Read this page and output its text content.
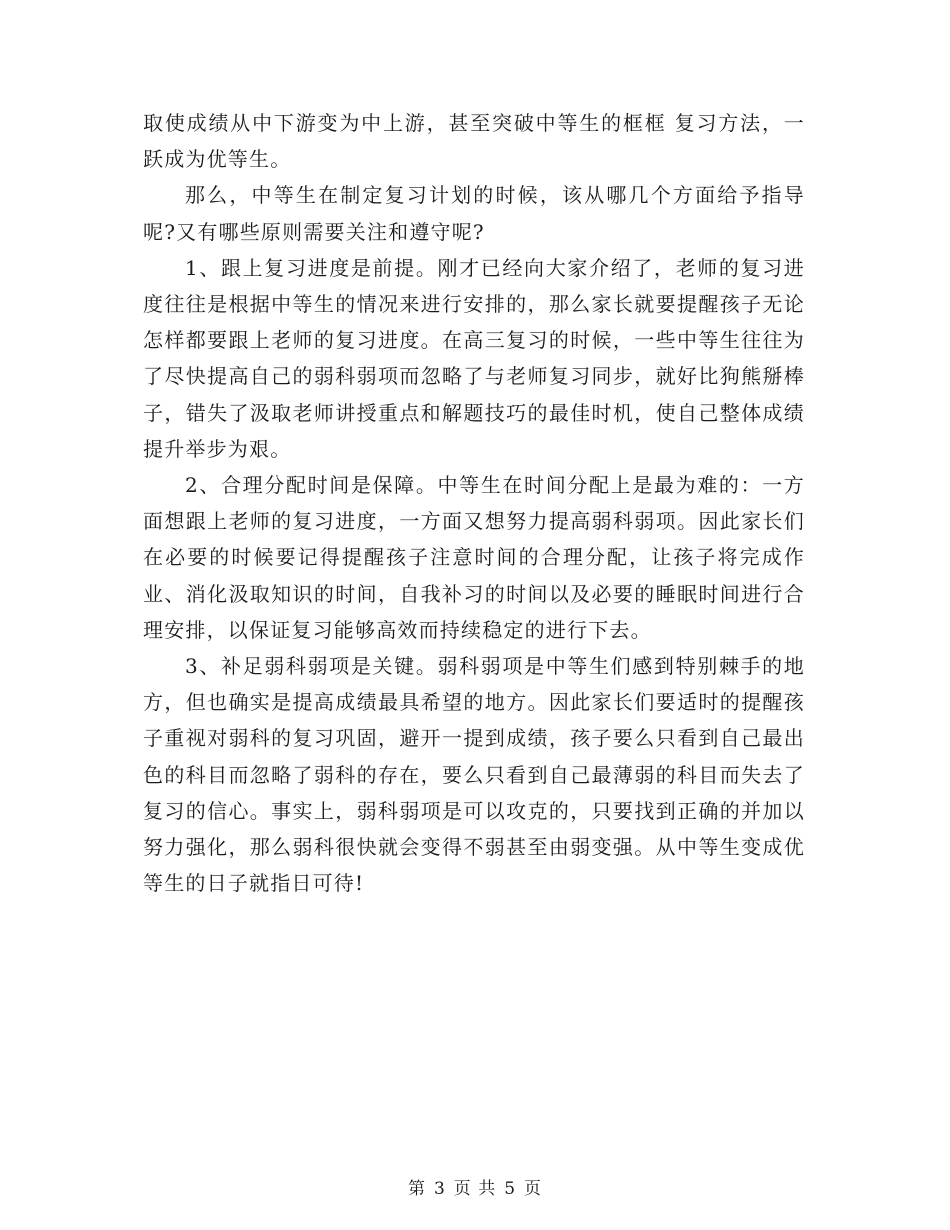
取使成绩从中下游变为中上游，甚至突破中等生的框框 复习方法，一跃成为优等生。

那么，中等生在制定复习计划的时候，该从哪几个方面给予指导呢?又有哪些原则需要关注和遵守呢?

1、跟上复习进度是前提。刚才已经向大家介绍了，老师的复习进度往往是根据中等生的情况来进行安排的，那么家长就要提醒孩子无论怎样都要跟上老师的复习进度。在高三复习的时候，一些中等生往往为了尽快提高自己的弱科弱项而忽略了与老师复习同步，就好比狗熊掰棒子，错失了汲取老师讲授重点和解题技巧的最佳时机，使自己整体成绩提升举步为艰。

2、合理分配时间是保障。中等生在时间分配上是最为难的：一方面想跟上老师的复习进度，一方面又想努力提高弱科弱项。因此家长们在必要的时候要记得提醒孩子注意时间的合理分配，让孩子将完成作业、消化汲取知识的时间，自我补习的时间以及必要的睡眠时间进行合理安排，以保证复习能够高效而持续稳定的进行下去。

3、补足弱科弱项是关键。弱科弱项是中等生们感到特别棘手的地方，但也确实是提高成绩最具希望的地方。因此家长们要适时的提醒孩子重视对弱科的复习巩固，避开一提到成绩，孩子要么只看到自己最出色的科目而忽略了弱科的存在，要么只看到自己最薄弱的科目而失去了复习的信心。事实上，弱科弱项是可以攻克的，只要找到正确的并加以努力强化，那么弱科很快就会变得不弱甚至由弱变强。从中等生变成优等生的日子就指日可待!

第 3 页 共 5 页
